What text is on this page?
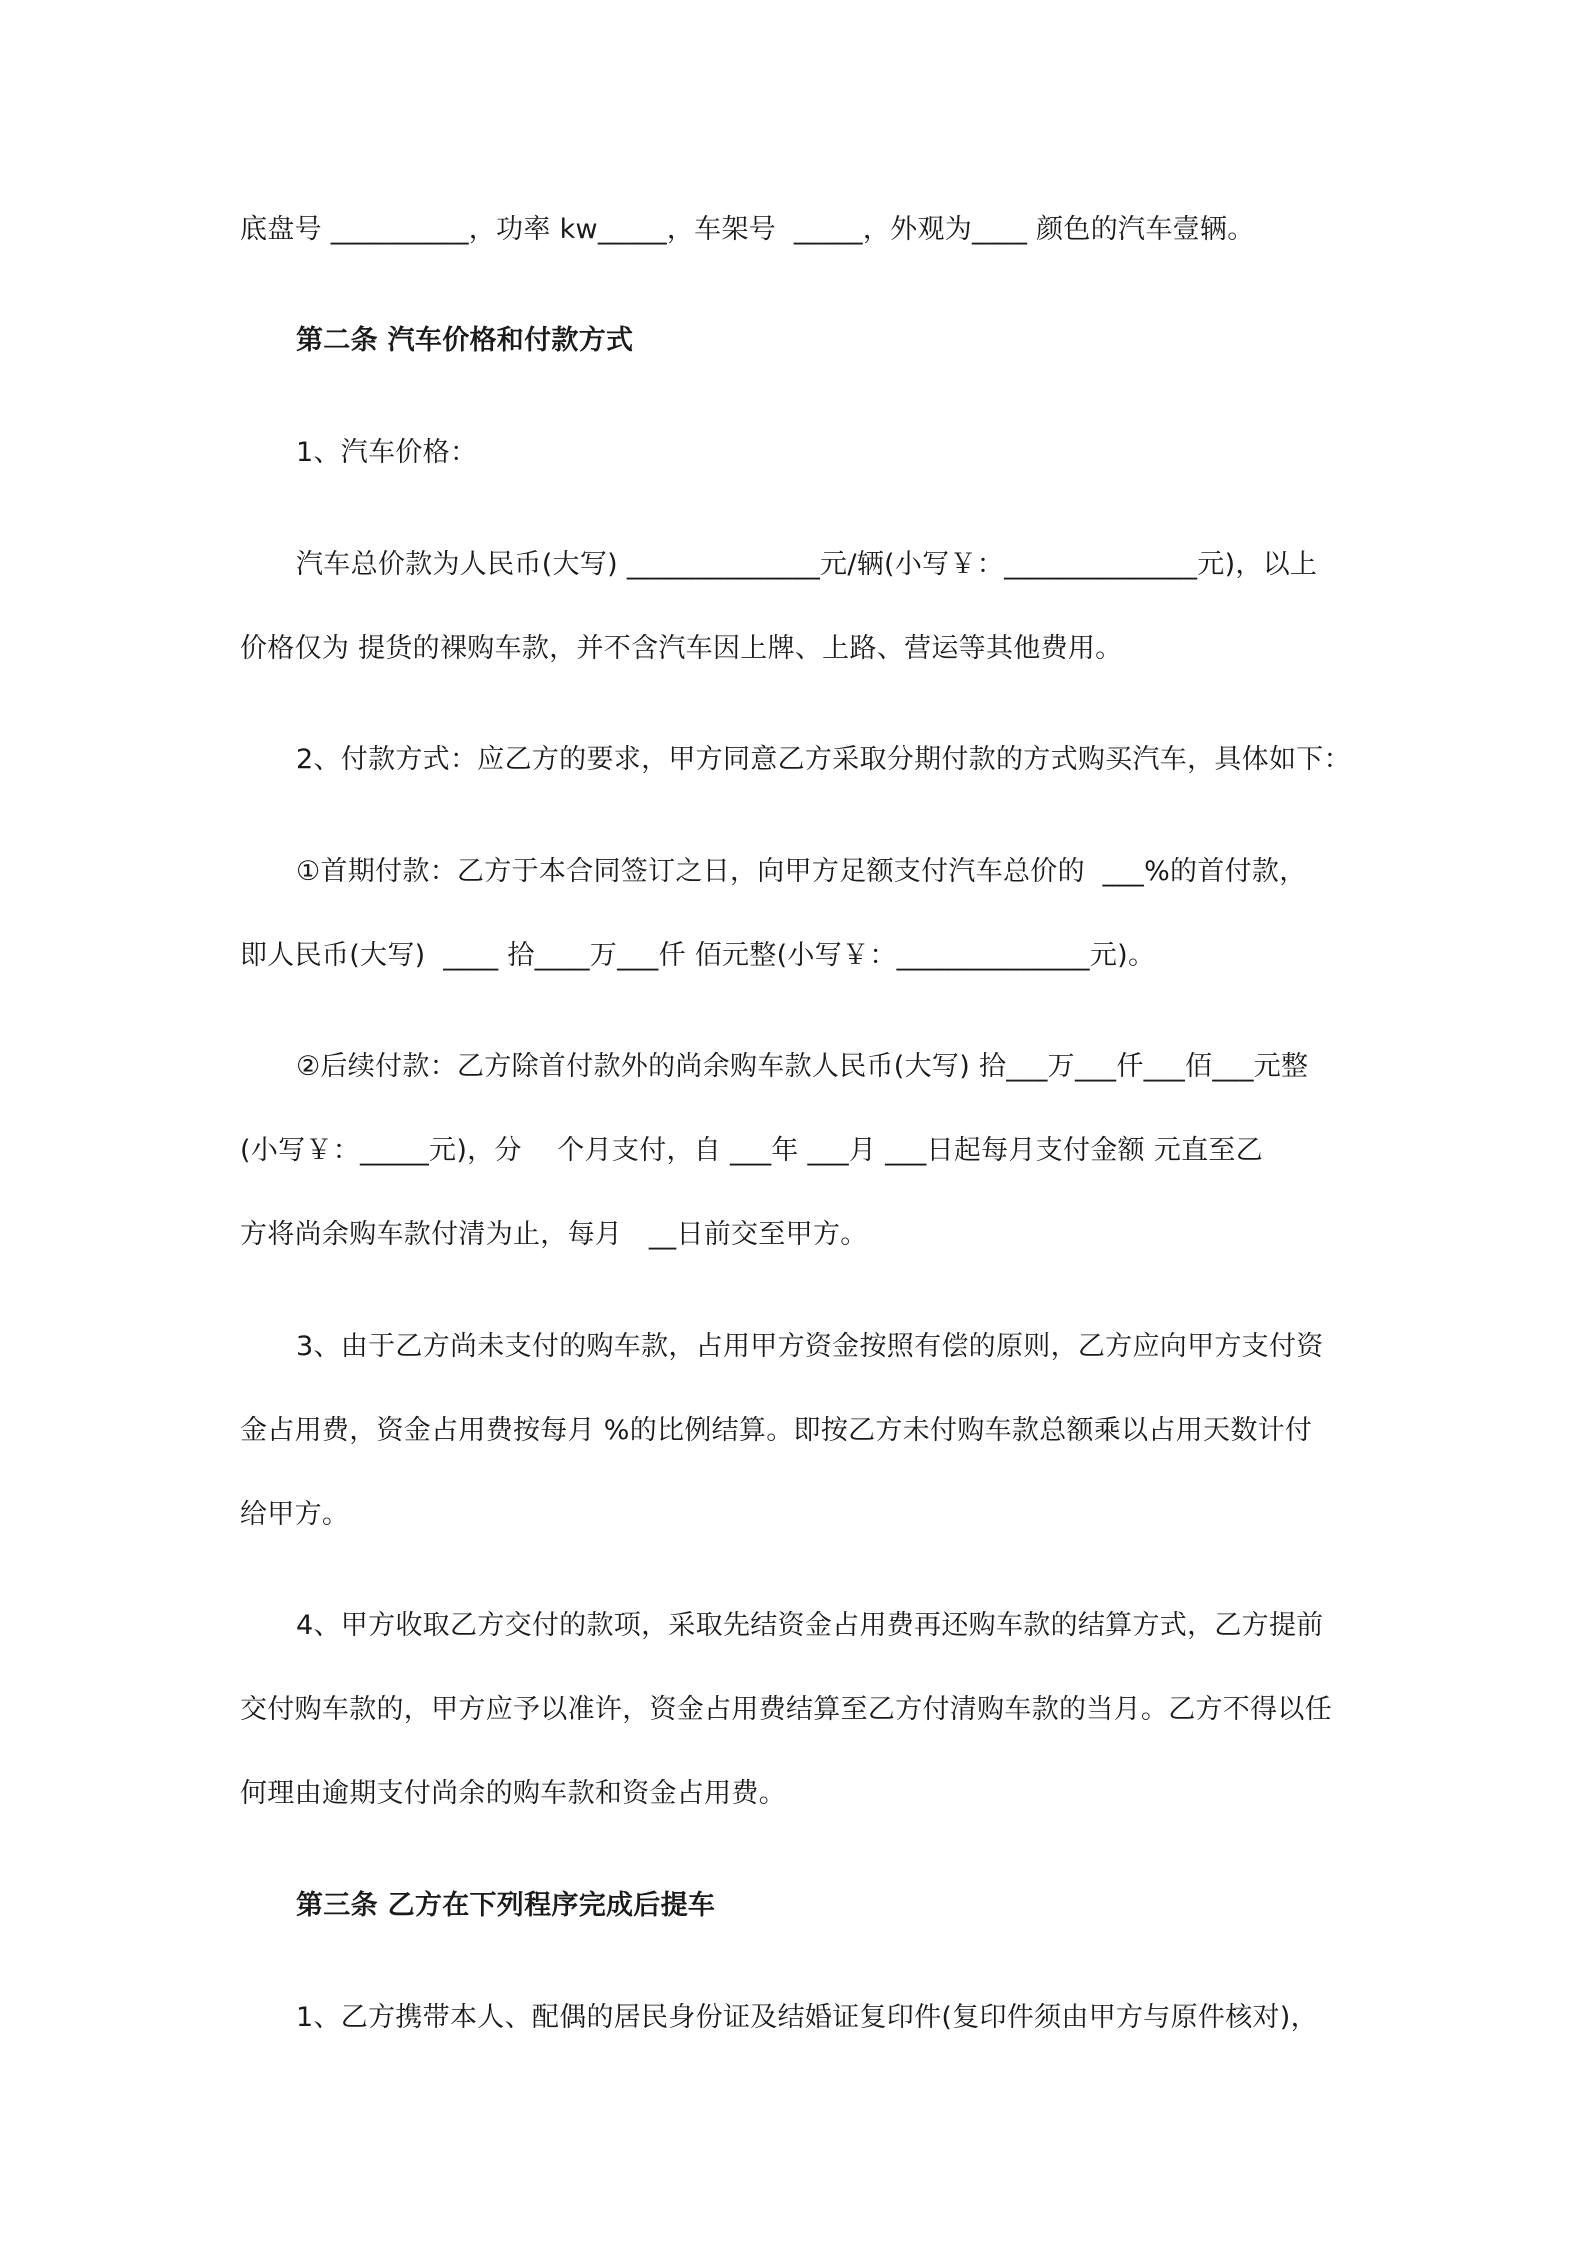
底盘号 __________，功率 kw_____，车架号  _____，外观为____ 颜色的汽车壹辆。
第二条 汽车价格和付款方式
1、汽车价格：
汽车总价款为人民币(大写) ______________元/辆(小写￥：______________元)，以上
价格仅为 提货的裸购车款，并不含汽车因上牌、上路、营运等其他费用。
2、付款方式：应乙方的要求，甲方同意乙方采取分期付款的方式购买汽车，具体如下：
①首期付款：乙方于本合同签订之日，向甲方足额支付汽车总价的  ___%的首付款，
即人民币(大写)  ____ 拾____万___仟 佰元整(小写￥：______________元)。
②后续付款：乙方除首付款外的尚余购车款人民币(大写) 拾___万___仟___佰___元整
(小写￥：_____元)，分    个月支付，自 ___年 ___月 ___日起每月支付金额 元直至乙
方将尚余购车款付清为止，每月   __日前交至甲方。
3、由于乙方尚未支付的购车款，占用甲方资金按照有偿的原则，乙方应向甲方支付资
金占用费，资金占用费按每月 %的比例结算。即按乙方未付购车款总额乘以占用天数计付
给甲方。
4、甲方收取乙方交付的款项，采取先结资金占用费再还购车款的结算方式，乙方提前
交付购车款的，甲方应予以准许，资金占用费结算至乙方付清购车款的当月。乙方不得以任
何理由逾期支付尚余的购车款和资金占用费。
第三条 乙方在下列程序完成后提车
1、乙方携带本人、配偶的居民身份证及结婚证复印件(复印件须由甲方与原件核对)，
